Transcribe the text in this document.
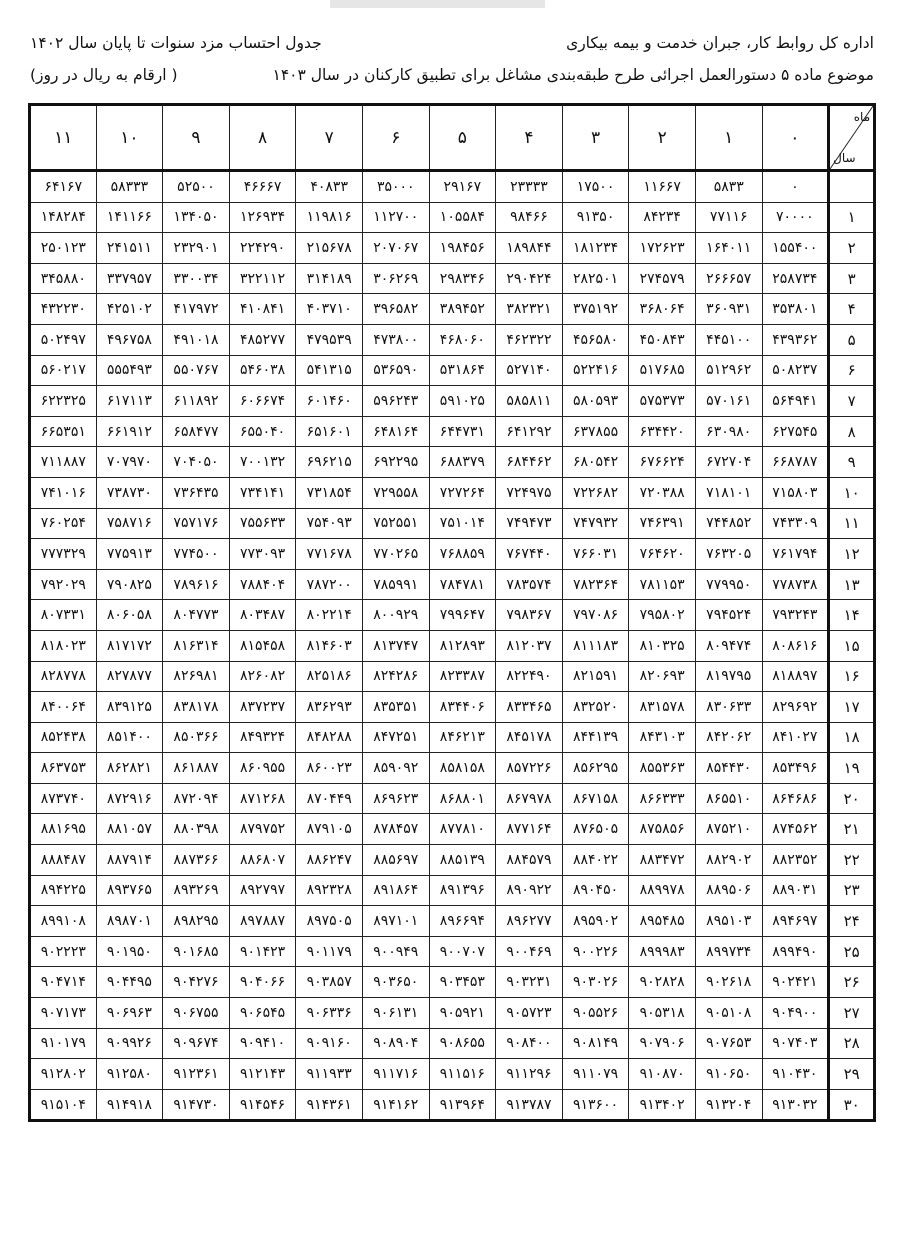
اداره کل روابط کار، جبران خدمت و بیمه بیکاری
جدول احتساب مزد سنوات تا پایان سال ۱۴۰۲
موضوع ماده ۵ دستورالعمل اجرائی طرح طبقه‌بندی مشاغل برای تطبیق کارکنان در سال ۱۴۰۳
( ارقام به ریال در روز)
ماه
سال	۰	۱	۲	۳	۴	۵	۶	۷	۸	۹	۱۰	۱۱
	۰	۵۸۳۳	۱۱۶۶۷	۱۷۵۰۰	۲۳۳۳۳	۲۹۱۶۷	۳۵۰۰۰	۴۰۸۳۳	۴۶۶۶۷	۵۲۵۰۰	۵۸۳۳۳	۶۴۱۶۷
۱	۷۰۰۰۰	۷۷۱۱۶	۸۴۲۳۴	۹۱۳۵۰	۹۸۴۶۶	۱۰۵۵۸۴	۱۱۲۷۰۰	۱۱۹۸۱۶	۱۲۶۹۳۴	۱۳۴۰۵۰	۱۴۱۱۶۶	۱۴۸۲۸۴
۲	۱۵۵۴۰۰	۱۶۴۰۱۱	۱۷۲۶۲۳	۱۸۱۲۳۴	۱۸۹۸۴۴	۱۹۸۴۵۶	۲۰۷۰۶۷	۲۱۵۶۷۸	۲۲۴۲۹۰	۲۳۲۹۰۱	۲۴۱۵۱۱	۲۵۰۱۲۳
۳	۲۵۸۷۳۴	۲۶۶۶۵۷	۲۷۴۵۷۹	۲۸۲۵۰۱	۲۹۰۴۲۴	۲۹۸۳۴۶	۳۰۶۲۶۹	۳۱۴۱۸۹	۳۲۲۱۱۲	۳۳۰۰۳۴	۳۳۷۹۵۷	۳۴۵۸۸۰
۴	۳۵۳۸۰۱	۳۶۰۹۳۱	۳۶۸۰۶۴	۳۷۵۱۹۲	۳۸۲۳۲۱	۳۸۹۴۵۲	۳۹۶۵۸۲	۴۰۳۷۱۰	۴۱۰۸۴۱	۴۱۷۹۷۲	۴۲۵۱۰۲	۴۳۲۲۳۰
۵	۴۳۹۳۶۲	۴۴۵۱۰۰	۴۵۰۸۴۳	۴۵۶۵۸۰	۴۶۲۳۲۲	۴۶۸۰۶۰	۴۷۳۸۰۰	۴۷۹۵۳۹	۴۸۵۲۷۷	۴۹۱۰۱۸	۴۹۶۷۵۸	۵۰۲۴۹۷
۶	۵۰۸۲۳۷	۵۱۲۹۶۲	۵۱۷۶۸۵	۵۲۲۴۱۶	۵۲۷۱۴۰	۵۳۱۸۶۴	۵۳۶۵۹۰	۵۴۱۳۱۵	۵۴۶۰۳۸	۵۵۰۷۶۷	۵۵۵۴۹۳	۵۶۰۲۱۷
۷	۵۶۴۹۴۱	۵۷۰۱۶۱	۵۷۵۳۷۳	۵۸۰۵۹۳	۵۸۵۸۱۱	۵۹۱۰۲۵	۵۹۶۲۴۳	۶۰۱۴۶۰	۶۰۶۶۷۴	۶۱۱۸۹۲	۶۱۷۱۱۳	۶۲۲۳۲۵
۸	۶۲۷۵۴۵	۶۳۰۹۸۰	۶۳۴۴۲۰	۶۳۷۸۵۵	۶۴۱۲۹۲	۶۴۴۷۳۱	۶۴۸۱۶۴	۶۵۱۶۰۱	۶۵۵۰۴۰	۶۵۸۴۷۷	۶۶۱۹۱۲	۶۶۵۳۵۱
۹	۶۶۸۷۸۷	۶۷۲۷۰۴	۶۷۶۶۲۴	۶۸۰۵۴۲	۶۸۴۴۶۲	۶۸۸۳۷۹	۶۹۲۲۹۵	۶۹۶۲۱۵	۷۰۰۱۳۲	۷۰۴۰۵۰	۷۰۷۹۷۰	۷۱۱۸۸۷
۱۰	۷۱۵۸۰۳	۷۱۸۱۰۱	۷۲۰۳۸۸	۷۲۲۶۸۲	۷۲۴۹۷۵	۷۲۷۲۶۴	۷۲۹۵۵۸	۷۳۱۸۵۴	۷۳۴۱۴۱	۷۳۶۴۳۵	۷۳۸۷۳۰	۷۴۱۰۱۶
۱۱	۷۴۳۳۰۹	۷۴۴۸۵۲	۷۴۶۳۹۱	۷۴۷۹۳۲	۷۴۹۴۷۳	۷۵۱۰۱۴	۷۵۲۵۵۱	۷۵۴۰۹۳	۷۵۵۶۳۳	۷۵۷۱۷۶	۷۵۸۷۱۶	۷۶۰۲۵۴
۱۲	۷۶۱۷۹۴	۷۶۳۲۰۵	۷۶۴۶۲۰	۷۶۶۰۳۱	۷۶۷۴۴۰	۷۶۸۸۵۹	۷۷۰۲۶۵	۷۷۱۶۷۸	۷۷۳۰۹۳	۷۷۴۵۰۰	۷۷۵۹۱۳	۷۷۷۳۲۹
۱۳	۷۷۸۷۳۸	۷۷۹۹۵۰	۷۸۱۱۵۳	۷۸۲۳۶۴	۷۸۳۵۷۴	۷۸۴۷۸۱	۷۸۵۹۹۱	۷۸۷۲۰۰	۷۸۸۴۰۴	۷۸۹۶۱۶	۷۹۰۸۲۵	۷۹۲۰۲۹
۱۴	۷۹۳۲۴۳	۷۹۴۵۲۴	۷۹۵۸۰۲	۷۹۷۰۸۶	۷۹۸۳۶۷	۷۹۹۶۴۷	۸۰۰۹۲۹	۸۰۲۲۱۴	۸۰۳۴۸۷	۸۰۴۷۷۳	۸۰۶۰۵۸	۸۰۷۳۳۱
۱۵	۸۰۸۶۱۶	۸۰۹۴۷۴	۸۱۰۳۲۵	۸۱۱۱۸۳	۸۱۲۰۳۷	۸۱۲۸۹۳	۸۱۳۷۴۷	۸۱۴۶۰۳	۸۱۵۴۵۸	۸۱۶۳۱۴	۸۱۷۱۷۲	۸۱۸۰۲۳
۱۶	۸۱۸۸۹۷	۸۱۹۷۹۵	۸۲۰۶۹۳	۸۲۱۵۹۱	۸۲۲۴۹۰	۸۲۳۳۸۷	۸۲۴۲۸۶	۸۲۵۱۸۶	۸۲۶۰۸۲	۸۲۶۹۸۱	۸۲۷۸۷۷	۸۲۸۷۷۸
۱۷	۸۲۹۶۹۲	۸۳۰۶۳۳	۸۳۱۵۷۸	۸۳۲۵۲۰	۸۳۳۴۶۵	۸۳۴۴۰۶	۸۳۵۳۵۱	۸۳۶۲۹۳	۸۳۷۲۳۷	۸۳۸۱۷۸	۸۳۹۱۲۵	۸۴۰۰۶۴
۱۸	۸۴۱۰۲۷	۸۴۲۰۶۲	۸۴۳۱۰۳	۸۴۴۱۳۹	۸۴۵۱۷۸	۸۴۶۲۱۳	۸۴۷۲۵۱	۸۴۸۲۸۸	۸۴۹۳۲۴	۸۵۰۳۶۶	۸۵۱۴۰۰	۸۵۲۴۳۸
۱۹	۸۵۳۴۹۶	۸۵۴۴۳۰	۸۵۵۳۶۳	۸۵۶۲۹۵	۸۵۷۲۲۶	۸۵۸۱۵۸	۸۵۹۰۹۲	۸۶۰۰۲۳	۸۶۰۹۵۵	۸۶۱۸۸۷	۸۶۲۸۲۱	۸۶۳۷۵۳
۲۰	۸۶۴۶۸۶	۸۶۵۵۱۰	۸۶۶۳۳۳	۸۶۷۱۵۸	۸۶۷۹۷۸	۸۶۸۸۰۱	۸۶۹۶۲۳	۸۷۰۴۴۹	۸۷۱۲۶۸	۸۷۲۰۹۴	۸۷۲۹۱۶	۸۷۳۷۴۰
۲۱	۸۷۴۵۶۲	۸۷۵۲۱۰	۸۷۵۸۵۶	۸۷۶۵۰۵	۸۷۷۱۶۴	۸۷۷۸۱۰	۸۷۸۴۵۷	۸۷۹۱۰۵	۸۷۹۷۵۲	۸۸۰۳۹۸	۸۸۱۰۵۷	۸۸۱۶۹۵
۲۲	۸۸۲۳۵۲	۸۸۲۹۰۲	۸۸۳۴۷۲	۸۸۴۰۲۲	۸۸۴۵۷۹	۸۸۵۱۳۹	۸۸۵۶۹۷	۸۸۶۲۴۷	۸۸۶۸۰۷	۸۸۷۳۶۶	۸۸۷۹۱۴	۸۸۸۴۸۷
۲۳	۸۸۹۰۳۱	۸۸۹۵۰۶	۸۸۹۹۷۸	۸۹۰۴۵۰	۸۹۰۹۲۲	۸۹۱۳۹۶	۸۹۱۸۶۴	۸۹۲۳۲۸	۸۹۲۷۹۷	۸۹۳۲۶۹	۸۹۳۷۶۵	۸۹۴۲۲۵
۲۴	۸۹۴۶۹۷	۸۹۵۱۰۳	۸۹۵۴۸۵	۸۹۵۹۰۲	۸۹۶۲۷۷	۸۹۶۶۹۴	۸۹۷۱۰۱	۸۹۷۵۰۵	۸۹۷۸۸۷	۸۹۸۲۹۵	۸۹۸۷۰۱	۸۹۹۱۰۸
۲۵	۸۹۹۴۹۰	۸۹۹۷۳۴	۸۹۹۹۸۳	۹۰۰۲۲۶	۹۰۰۴۶۹	۹۰۰۷۰۷	۹۰۰۹۴۹	۹۰۱۱۷۹	۹۰۱۴۲۳	۹۰۱۶۸۵	۹۰۱۹۵۰	۹۰۲۲۲۳
۲۶	۹۰۲۴۲۱	۹۰۲۶۱۸	۹۰۲۸۲۸	۹۰۳۰۲۶	۹۰۳۲۳۱	۹۰۳۴۵۳	۹۰۳۶۵۰	۹۰۳۸۵۷	۹۰۴۰۶۶	۹۰۴۲۷۶	۹۰۴۴۹۵	۹۰۴۷۱۴
۲۷	۹۰۴۹۰۰	۹۰۵۱۰۸	۹۰۵۳۱۸	۹۰۵۵۲۶	۹۰۵۷۲۳	۹۰۵۹۲۱	۹۰۶۱۳۱	۹۰۶۳۳۶	۹۰۶۵۴۵	۹۰۶۷۵۵	۹۰۶۹۶۳	۹۰۷۱۷۳
۲۸	۹۰۷۴۰۳	۹۰۷۶۵۳	۹۰۷۹۰۶	۹۰۸۱۴۹	۹۰۸۴۰۰	۹۰۸۶۵۵	۹۰۸۹۰۴	۹۰۹۱۶۰	۹۰۹۴۱۰	۹۰۹۶۷۴	۹۰۹۹۲۶	۹۱۰۱۷۹
۲۹	۹۱۰۴۳۰	۹۱۰۶۵۰	۹۱۰۸۷۰	۹۱۱۰۷۹	۹۱۱۲۹۶	۹۱۱۵۱۶	۹۱۱۷۱۶	۹۱۱۹۳۳	۹۱۲۱۴۳	۹۱۲۳۶۱	۹۱۲۵۸۰	۹۱۲۸۰۲
۳۰	۹۱۳۰۳۲	۹۱۳۲۰۴	۹۱۳۴۰۲	۹۱۳۶۰۰	۹۱۳۷۸۷	۹۱۳۹۶۴	۹۱۴۱۶۲	۹۱۴۳۶۱	۹۱۴۵۴۶	۹۱۴۷۳۰	۹۱۴۹۱۸	۹۱۵۱۰۴
